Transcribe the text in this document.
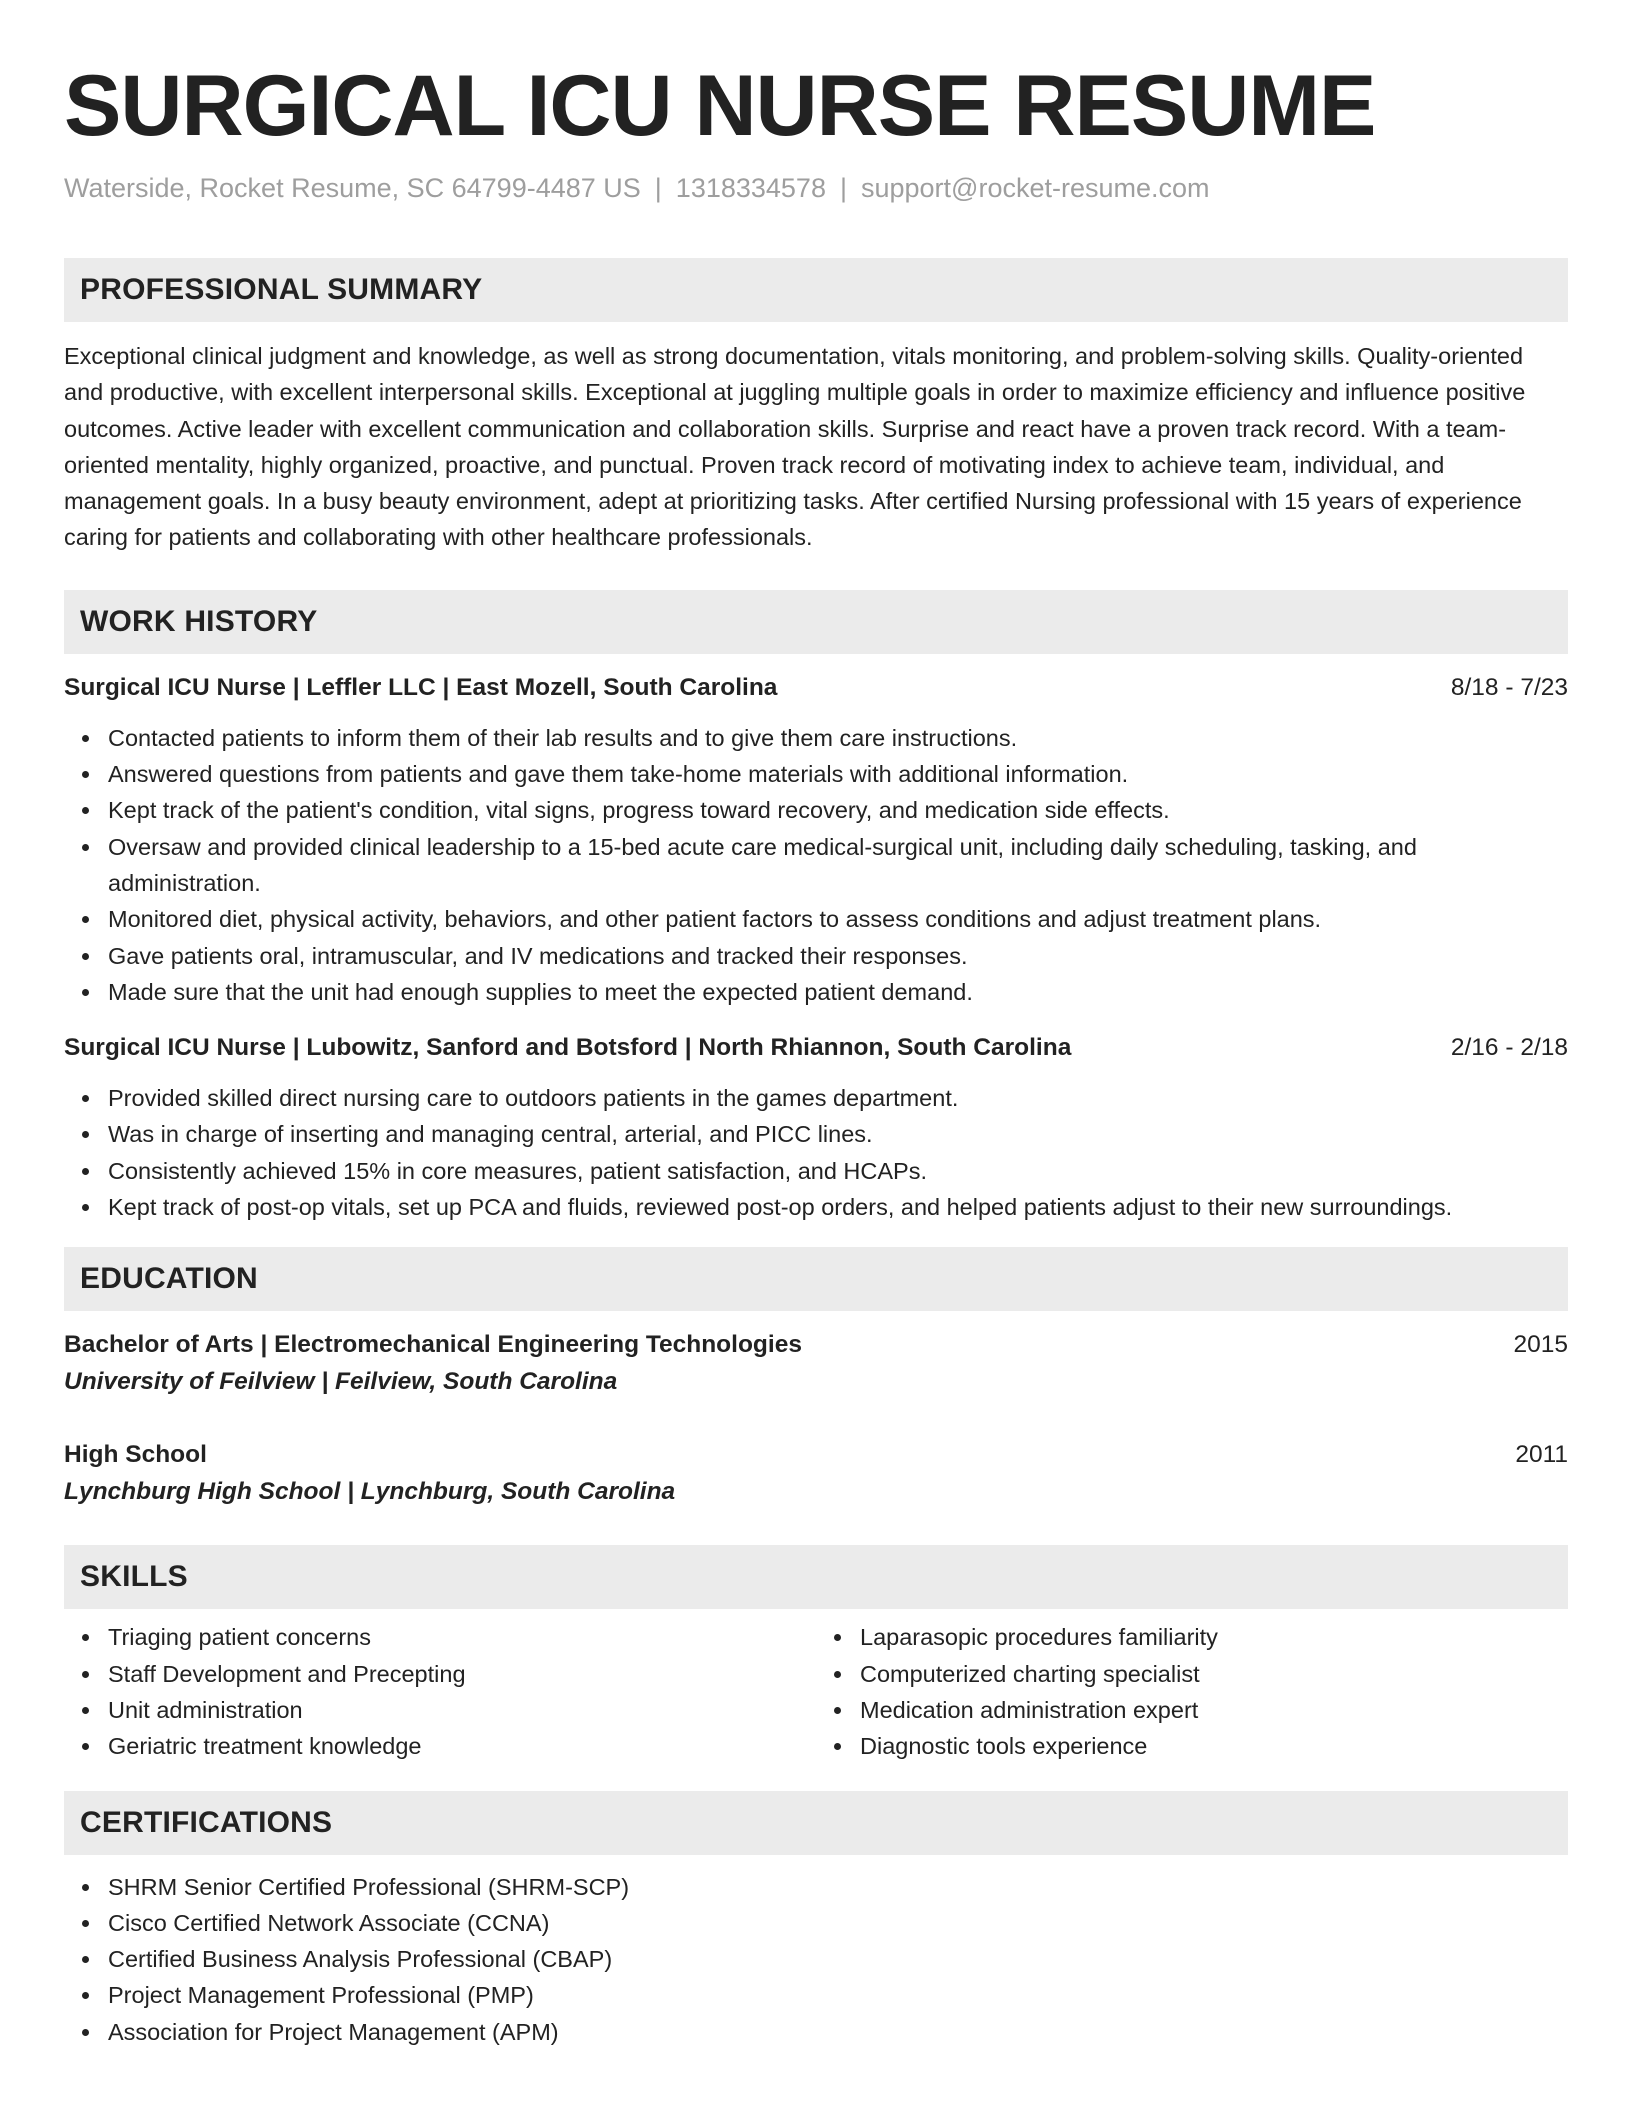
SURGICAL ICU NURSE RESUME
Waterside, Rocket Resume, SC 64799-4487 US | 1318334578 | support@rocket-resume.com
PROFESSIONAL SUMMARY
Exceptional clinical judgment and knowledge, as well as strong documentation, vitals monitoring, and problem-solving skills. Quality-oriented and productive, with excellent interpersonal skills. Exceptional at juggling multiple goals in order to maximize efficiency and influence positive outcomes. Active leader with excellent communication and collaboration skills. Surprise and react have a proven track record. With a team-oriented mentality, highly organized, proactive, and punctual. Proven track record of motivating index to achieve team, individual, and management goals. In a busy beauty environment, adept at prioritizing tasks. After certified Nursing professional with 15 years of experience caring for patients and collaborating with other healthcare professionals.
WORK HISTORY
Surgical ICU Nurse | Leffler LLC | East Mozell, South Carolina	8/18 - 7/23
Contacted patients to inform them of their lab results and to give them care instructions.
Answered questions from patients and gave them take-home materials with additional information.
Kept track of the patient's condition, vital signs, progress toward recovery, and medication side effects.
Oversaw and provided clinical leadership to a 15-bed acute care medical-surgical unit, including daily scheduling, tasking, and administration.
Monitored diet, physical activity, behaviors, and other patient factors to assess conditions and adjust treatment plans.
Gave patients oral, intramuscular, and IV medications and tracked their responses.
Made sure that the unit had enough supplies to meet the expected patient demand.
Surgical ICU Nurse | Lubowitz, Sanford and Botsford | North Rhiannon, South Carolina	2/16 - 2/18
Provided skilled direct nursing care to outdoors patients in the games department.
Was in charge of inserting and managing central, arterial, and PICC lines.
Consistently achieved 15% in core measures, patient satisfaction, and HCAPs.
Kept track of post-op vitals, set up PCA and fluids, reviewed post-op orders, and helped patients adjust to their new surroundings.
EDUCATION
Bachelor of Arts | Electromechanical Engineering Technologies	2015
University of Feilview | Feilview, South Carolina
High School	2011
Lynchburg High School | Lynchburg, South Carolina
SKILLS
Triaging patient concerns
Staff Development and Precepting
Unit administration
Geriatric treatment knowledge
Laparasopic procedures familiarity
Computerized charting specialist
Medication administration expert
Diagnostic tools experience
CERTIFICATIONS
SHRM Senior Certified Professional (SHRM-SCP)
Cisco Certified Network Associate (CCNA)
Certified Business Analysis Professional (CBAP)
Project Management Professional (PMP)
Association for Project Management (APM)
